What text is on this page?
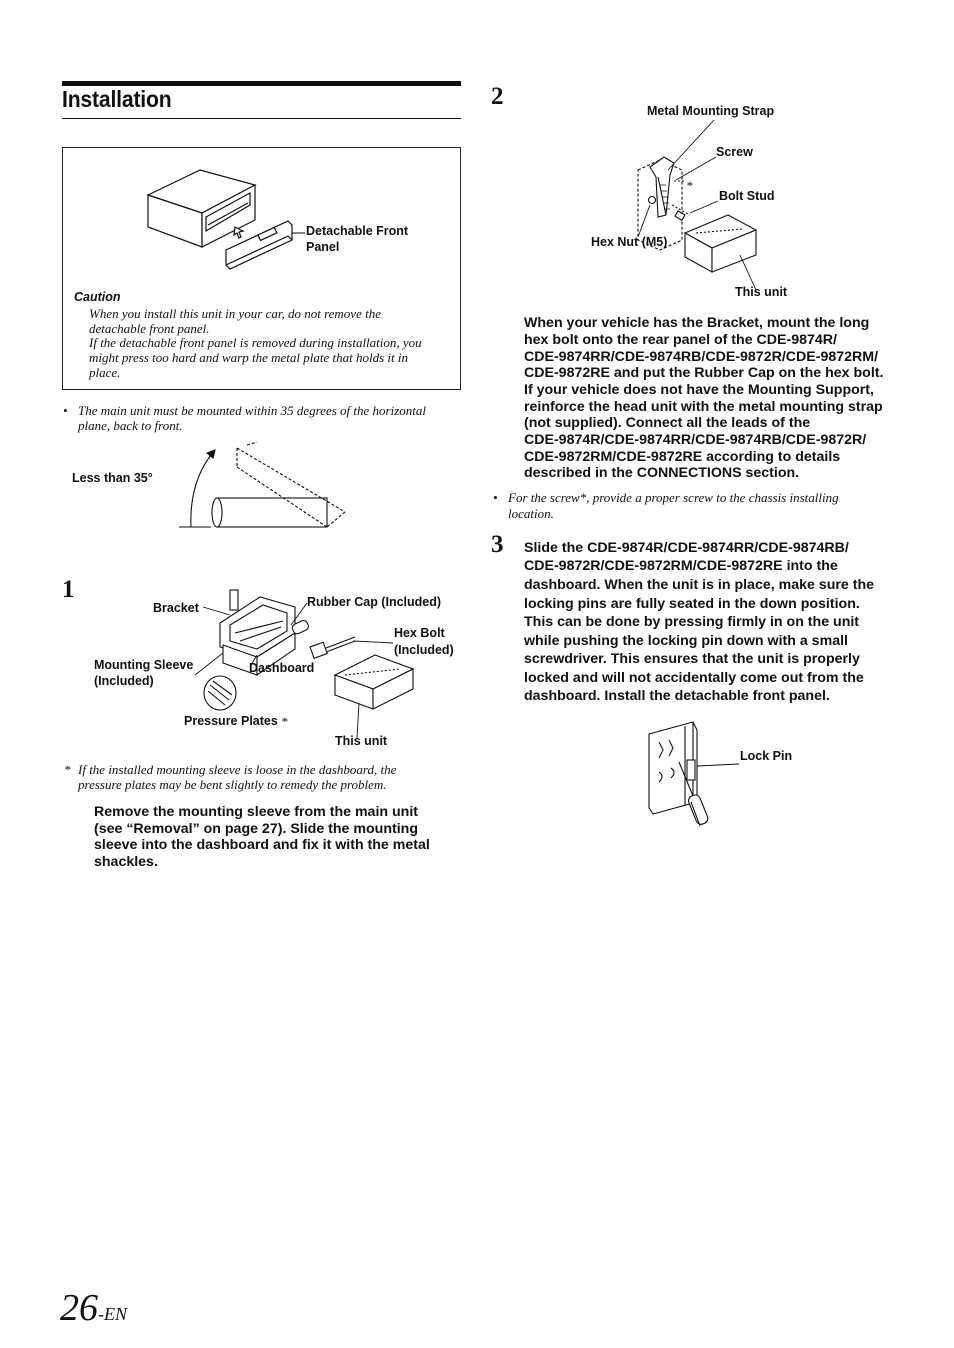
Installation
Detachable Front
Panel
Caution
When you install this unit in your car, do not remove the
detachable front panel.
If the detachable front panel is removed during installation, you
might press too hard and warp the metal plate that holds it in
place.
• The main unit must be mounted within 35 degrees of the horizontal
plane, back to front.
Less than 35°
1
Bracket	Rubber Cap (Included)
Hex Bolt
(Included)
Mounting Sleeve
(Included)
Dashboard
Pressure Plates *
This unit
* If the installed mounting sleeve is loose in the dashboard, the
pressure plates may be bent slightly to remedy the problem.
Remove the mounting sleeve from the main unit
(see “Removal” on page 27). Slide the mounting
sleeve into the dashboard and fix it with the metal
shackles.
2
Metal Mounting Strap
Screw
*
Bolt Stud
Hex Nut (M5)
This unit
When your vehicle has the Bracket, mount the long
hex bolt onto the rear panel of the CDE-9874R/
CDE-9874RR/CDE-9874RB/CDE-9872R/CDE-9872RM/
CDE-9872RE and put the Rubber Cap on the hex bolt.
If your vehicle does not have the Mounting Support,
reinforce the head unit with the metal mounting strap
(not supplied). Connect all the leads of the
CDE-9874R/CDE-9874RR/CDE-9874RB/CDE-9872R/
CDE-9872RM/CDE-9872RE according to details
described in the CONNECTIONS section.
• For the screw*, provide a proper screw to the chassis installing
location.
3 Slide the CDE-9874R/CDE-9874RR/CDE-9874RB/
CDE-9872R/CDE-9872RM/CDE-9872RE into the
dashboard. When the unit is in place, make sure the
locking pins are fully seated in the down position.
This can be done by pressing firmly in on the unit
while pushing the locking pin down with a small
screwdriver. This ensures that the unit is properly
locked and will not accidentally come out from the
dashboard. Install the detachable front panel.
Lock Pin
26-EN
